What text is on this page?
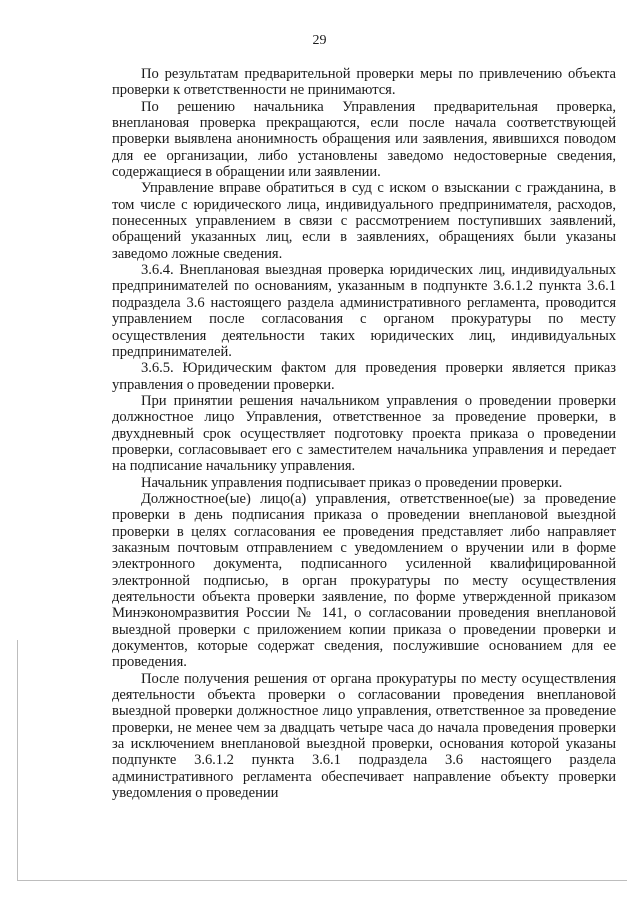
29

По результатам предварительной проверки меры по привлечению объекта проверки к ответственности не принимаются.

По решению начальника Управления предварительная проверка, внеплановая проверка прекращаются, если после начала соответствующей проверки выявлена анонимность обращения или заявления, явившихся поводом для ее организации, либо установлены заведомо недостоверные сведения, содержащиеся в обращении или заявлении.

Управление вправе обратиться в суд с иском о взыскании с гражданина, в том числе с юридического лица, индивидуального предпринимателя, расходов, понесенных управлением в связи с рассмотрением поступивших заявлений, обращений указанных лиц, если в заявлениях, обращениях были указаны заведомо ложные сведения.

3.6.4. Внеплановая выездная проверка юридических лиц, индивидуальных предпринимателей по основаниям, указанным в подпункте 3.6.1.2 пункта 3.6.1 подраздела 3.6 настоящего раздела административного регламента, проводится управлением после согласования с органом прокуратуры по месту осуществления деятельности таких юридических лиц, индивидуальных предпринимателей.

3.6.5. Юридическим фактом для проведения проверки является приказ управления о проведении проверки.

При принятии решения начальником управления о проведении проверки должностное лицо Управления, ответственное за проведение проверки, в двухдневный срок осуществляет подготовку проекта приказа о проведении проверки, согласовывает его с заместителем начальника управления и передает на подписание начальнику управления.

Начальник управления подписывает приказ о проведении проверки.

Должностное(ые) лицо(а) управления, ответственное(ые) за проведение проверки в день подписания приказа о проведении внеплановой выездной проверки в целях согласования ее проведения представляет либо направляет заказным почтовым отправлением с уведомлением о вручении или в форме электронного документа, подписанного усиленной квалифицированной электронной подписью, в орган прокуратуры по месту осуществления деятельности объекта проверки заявление, по форме утвержденной приказом Минэкономразвития России № 141, о согласовании проведения внеплановой выездной проверки с приложением копии приказа о проведении проверки и документов, которые содержат сведения, послужившие основанием для ее проведения.

После получения решения от органа прокуратуры по месту осуществления деятельности объекта проверки о согласовании проведения внеплановой выездной проверки должностное лицо управления, ответственное за проведение проверки, не менее чем за двадцать четыре часа до начала проведения проверки за исключением внеплановой выездной проверки, основания которой указаны подпункте 3.6.1.2 пункта 3.6.1 подраздела 3.6 настоящего раздела административного регламента обеспечивает направление объекту проверки уведомления о проведении
